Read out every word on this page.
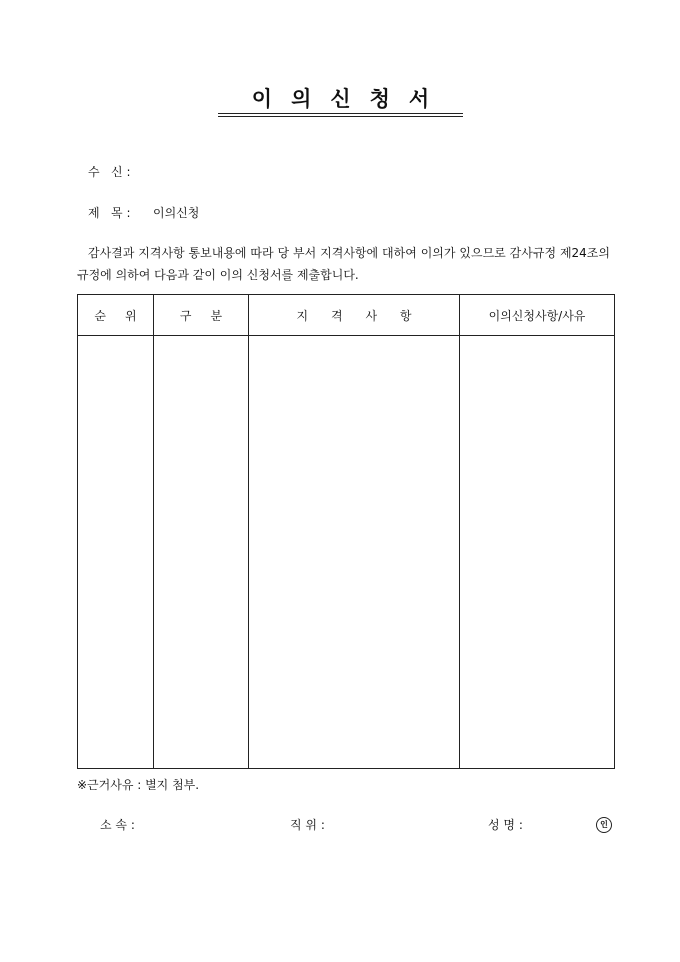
이의신청서
수   신 :
제   목 : 이의신청
감사결과 지격사항 통보내용에 따라 당 부서 지격사항에 대하여 이의가 있으므로 감사규정 제24조의 규정에 의하여 다음과 같이 이의 신청서를 제출합니다.
순     위	구     분	지      격      사      항	이의신청사항/사유

※근거사유 : 별지 첨부.
소 속 :	직 위 :	성 명 :	인
